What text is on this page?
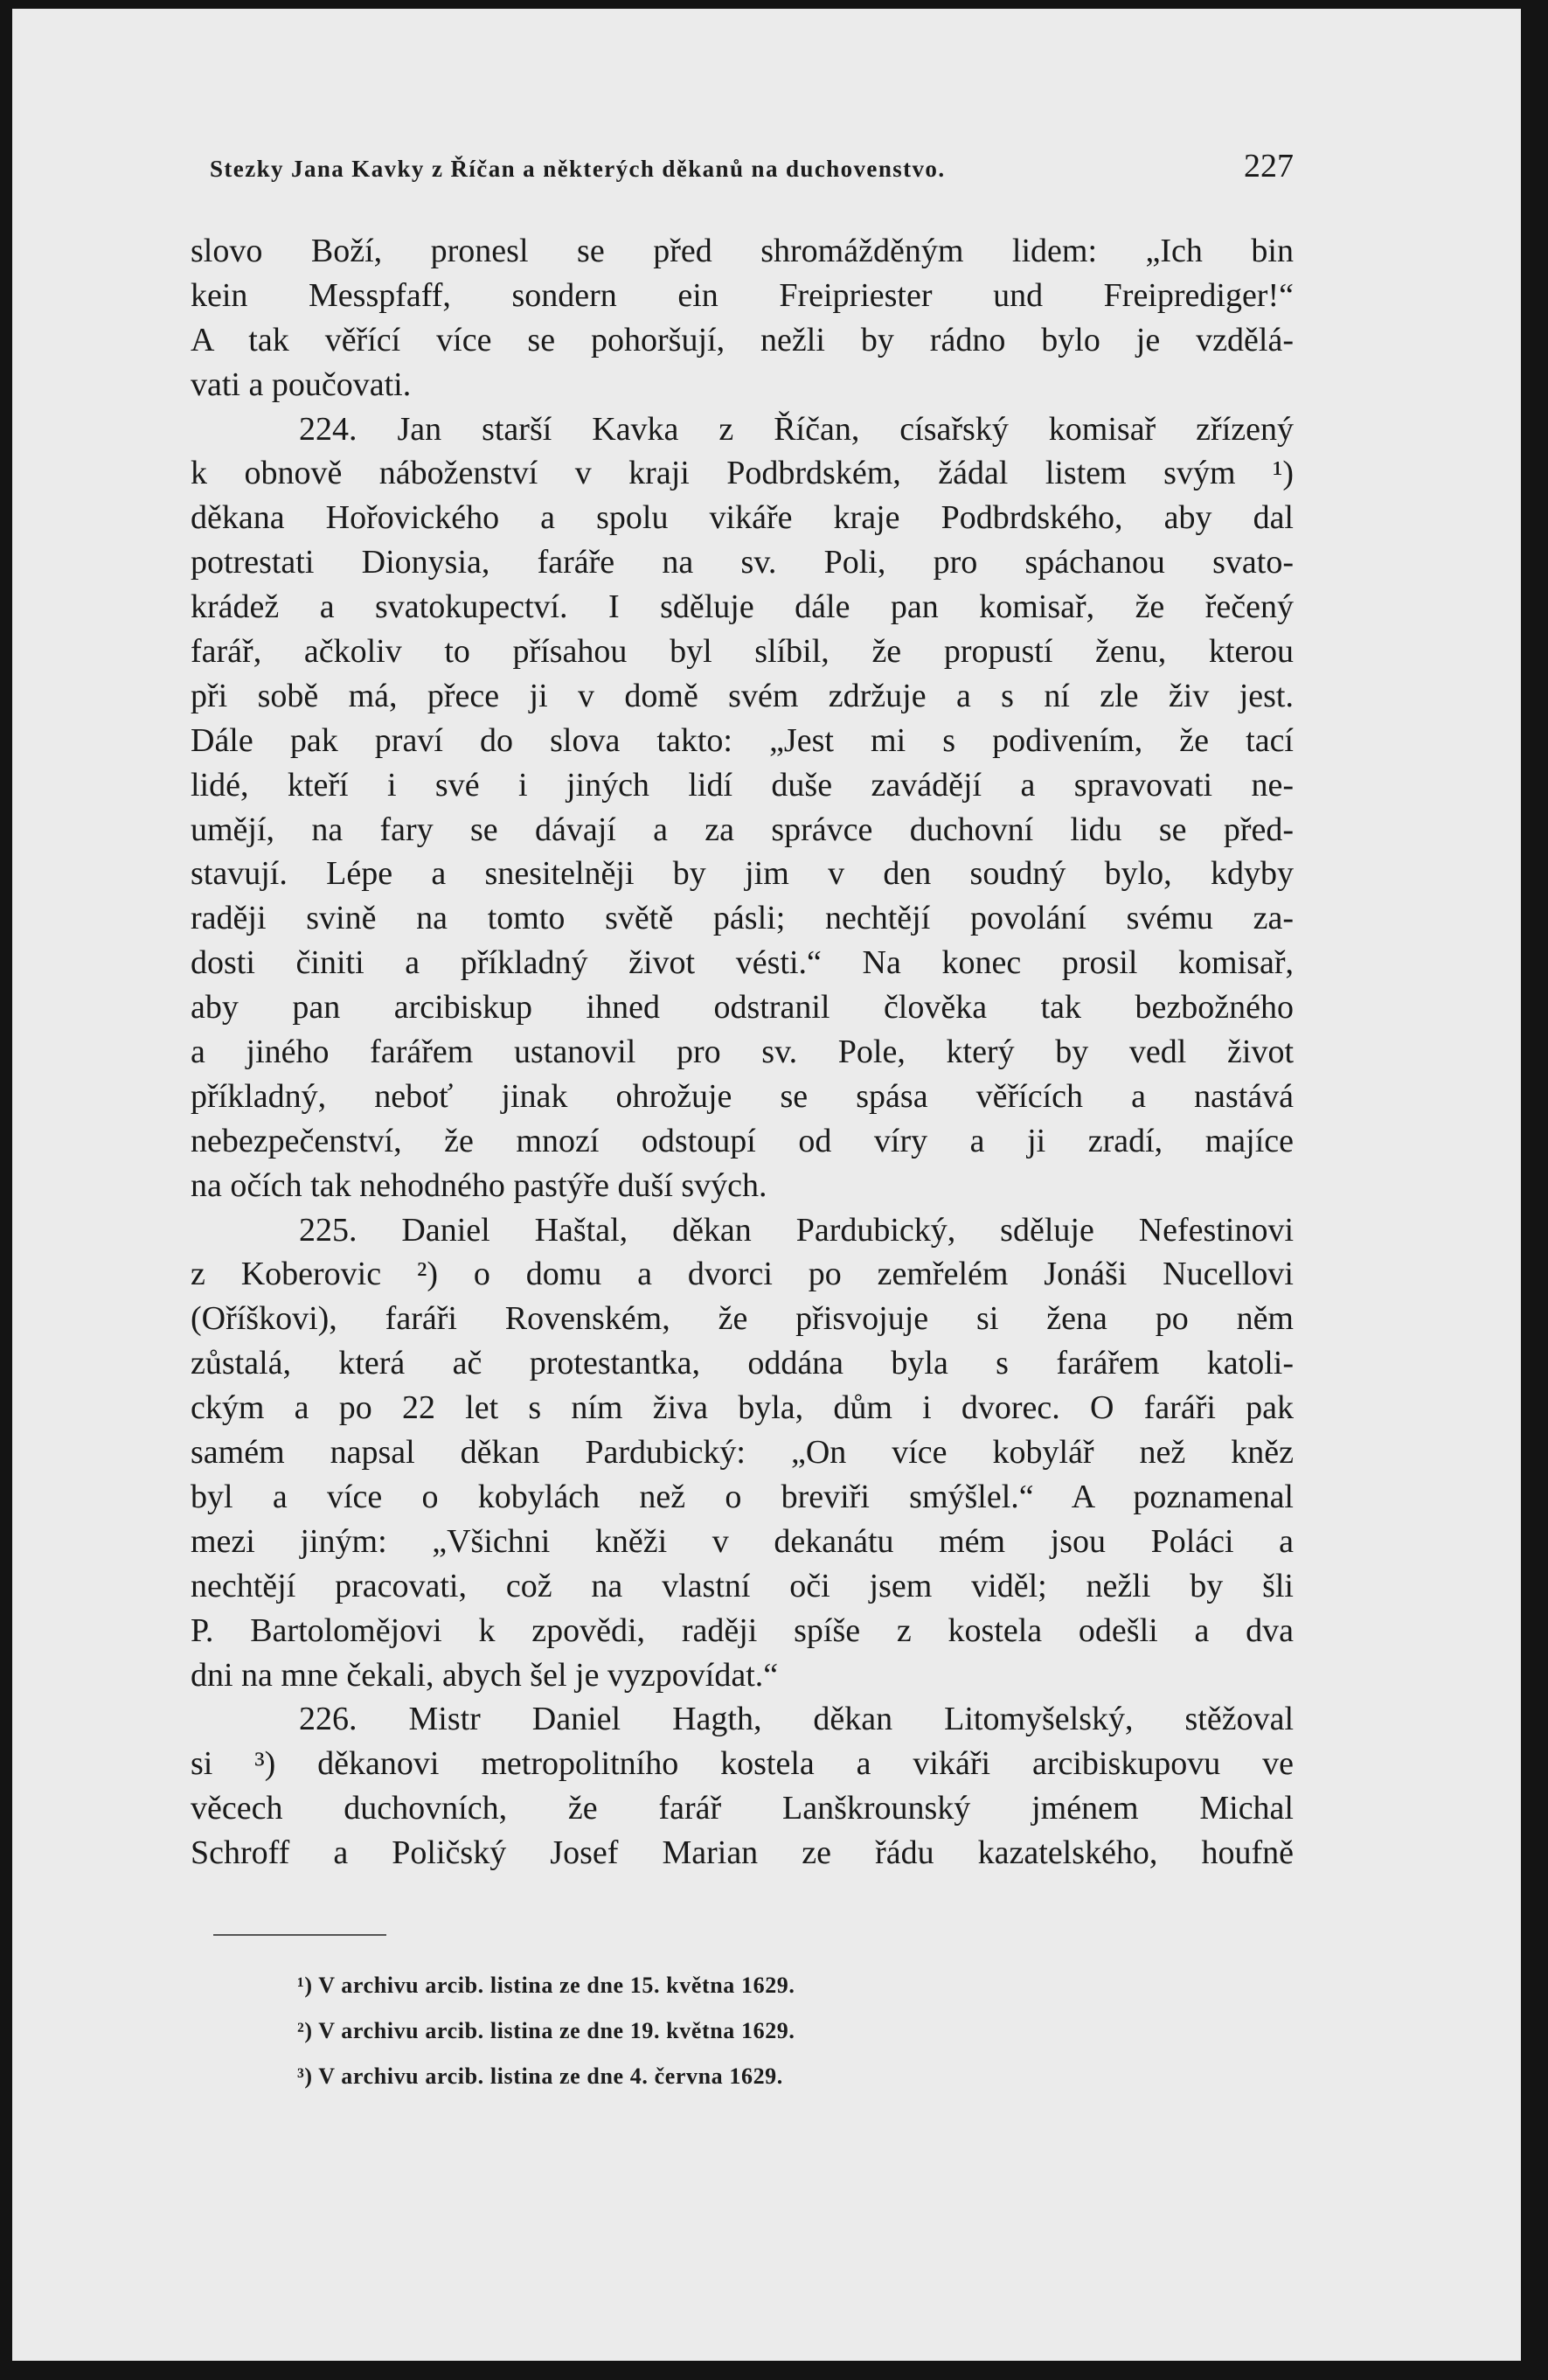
Stezky Jana Kavky z Říčan a některých děkanů na duchovenstvo.	227
slovo Boží, pronesl se před shromážděným lidem: „Ich bin
kein Messpfaff, sondern ein Freipriester und Freiprediger!“
A tak věřící více se pohoršují, nežli by rádno bylo je vzdělá-
vati a poučovati.
224. Jan starší Kavka z Říčan, císařský komisař zřízený
k obnově náboženství v kraji Podbrdském, žádal listem svým ¹)
děkana Hořovického a spolu vikáře kraje Podbrdského, aby dal
potrestati Dionysia, faráře na sv. Poli, pro spáchanou svato-
krádež a svatokupectví. I sděluje dále pan komisař, že řečený
farář, ačkoliv to přísahou byl slíbil, že propustí ženu, kterou
při sobě má, přece ji v domě svém zdržuje a s ní zle živ jest.
Dále pak praví do slova takto: „Jest mi s podivením, že tací
lidé, kteří i své i jiných lidí duše zavádějí a spravovati ne-
umějí, na fary se dávají a za správce duchovní lidu se před-
stavují. Lépe a snesitelněji by jim v den soudný bylo, kdyby
raději svině na tomto světě pásli; nechtějí povolání svému za-
dosti činiti a příkladný život vésti.“ Na konec prosil komisař,
aby pan arcibiskup ihned odstranil člověka tak bezbožného
a jiného farářem ustanovil pro sv. Pole, který by vedl život
příkladný, neboť jinak ohrožuje se spása věřících a nastává
nebezpečenství, že mnozí odstoupí od víry a ji zradí, majíce
na očích tak nehodného pastýře duší svých.
225. Daniel Haštal, děkan Pardubický, sděluje Nefestinovi
z Koberovic ²) o domu a dvorci po zemřelém Jonáši Nucellovi
(Oříškovi), faráři Rovenském, že přisvojuje si žena po něm
zůstalá, která ač protestantka, oddána byla s farářem katoli-
ckým a po 22 let s ním živa byla, dům i dvorec. O faráři pak
samém napsal děkan Pardubický: „On více kobylář než kněz
byl a více o kobylách než o breviři smýšlel.“ A poznamenal
mezi jiným: „Všichni kněži v dekanátu mém jsou Poláci a
nechtějí pracovati, což na vlastní oči jsem viděl; nežli by šli
P. Bartolomějovi k zpovědi, raději spíše z kostela odešli a dva
dni na mne čekali, abych šel je vyzpovídat.“
226. Mistr Daniel Hagth, děkan Litomyšelský, stěžoval
si ³) děkanovi metropolitního kostela a vikáři arcibiskupovu ve
věcech duchovních, že farář Lanškrounský jménem Michal
Schroff a Poličský Josef Marian ze řádu kazatelského, houfně
¹) V archivu arcib. listina ze dne 15. května 1629.
²) V archivu arcib. listina ze dne 19. května 1629.
³) V archivu arcib. listina ze dne 4. června 1629.
